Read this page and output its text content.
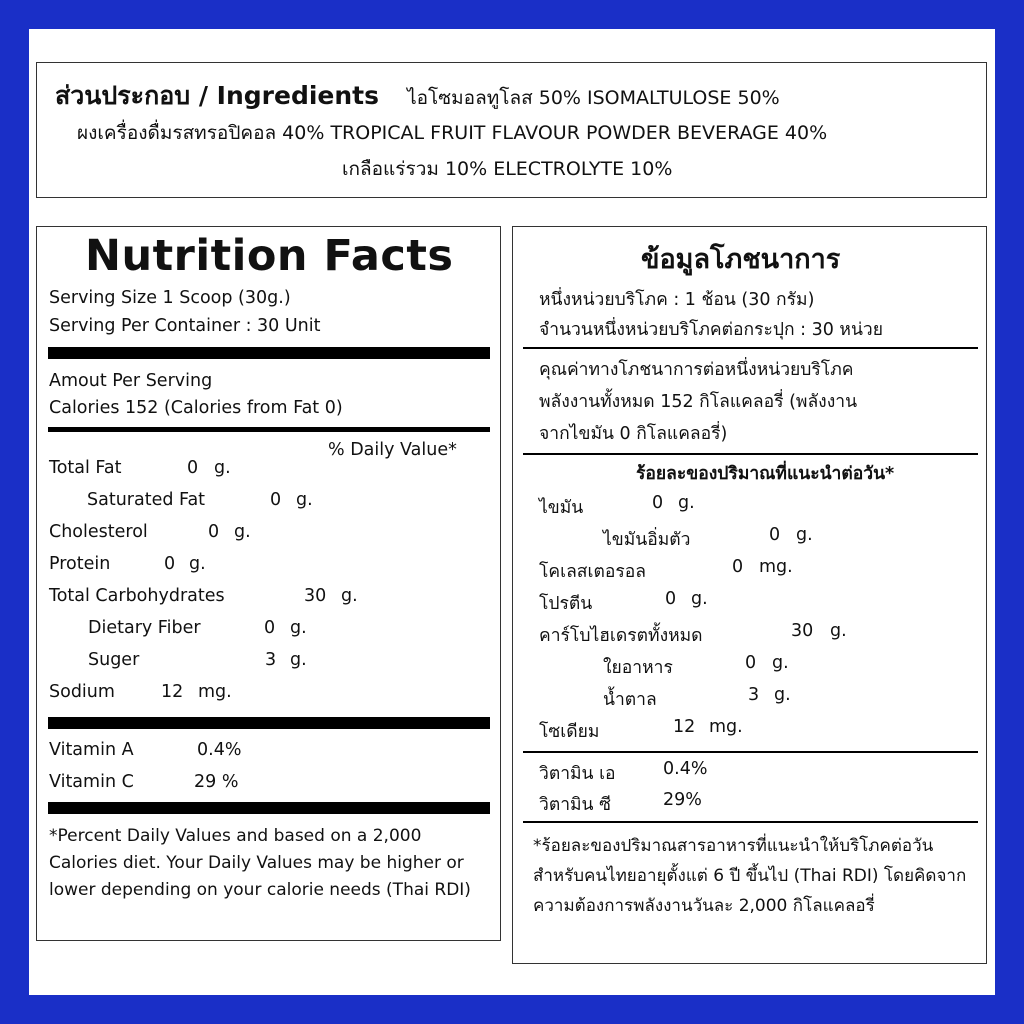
ส่วนประกอบ / Ingredients ไอโซมอลทูโลส 50% ISOMALTULOSE 50%
ผงเครื่องดื่มรสทรอปิคอล 40% TROPICAL FRUIT FLAVOUR POWDER BEVERAGE 40%
เกลือแร่รวม 10% ELECTROLYTE 10%
Nutrition Facts
Serving Size 1 Scoop (30g.)
Serving Per Container : 30 Unit
Amout Per Serving
Calories 152 (Calories from Fat 0)
% Daily Value*
Total Fat	0 g.
Saturated Fat	0 g.
Cholesterol	0 g.
Protein	0 g.
Total Carbohydrates	30 g.
Dietary Fiber	0 g.
Suger	3 g.
Sodium	12 mg.
Vitamin A	0.4%
Vitamin C	29 %
*Percent Daily Values and based on a 2,000 Calories diet. Your Daily Values may be higher or lower depending on your calorie needs (Thai RDI)
ข้อมูลโภชนาการ
หนึ่งหน่วยบริโภค : 1 ช้อน (30 กรัม)
จำนวนหนึ่งหน่วยบริโภคต่อกระปุก : 30 หน่วย
คุณค่าทางโภชนาการต่อหนึ่งหน่วยบริโภค
พลังงานทั้งหมด 152 กิโลแคลอรี่ (พลังงาน
จากไขมัน 0 กิโลแคลอรี่)
ร้อยละของปริมาณที่แนะนำต่อวัน*
ไขมัน	0 g.
ไขมันอิ่มตัว	0 g.
โคเลสเตอรอล	0 mg.
โปรตีน	0 g.
คาร์โบไฮเดรตทั้งหมด	30 g.
ใยอาหาร	0 g.
น้ำตาล	3 g.
โซเดียม	12 mg.
วิตามิน เอ	0.4%
วิตามิน ซี	29%
*ร้อยละของปริมาณสารอาหารที่แนะนำให้บริโภคต่อวันสำหรับคนไทยอายุตั้งแต่ 6 ปี ขึ้นไป (Thai RDI) โดยคิดจากความต้องการพลังงานวันละ 2,000 กิโลแคลอรี่
